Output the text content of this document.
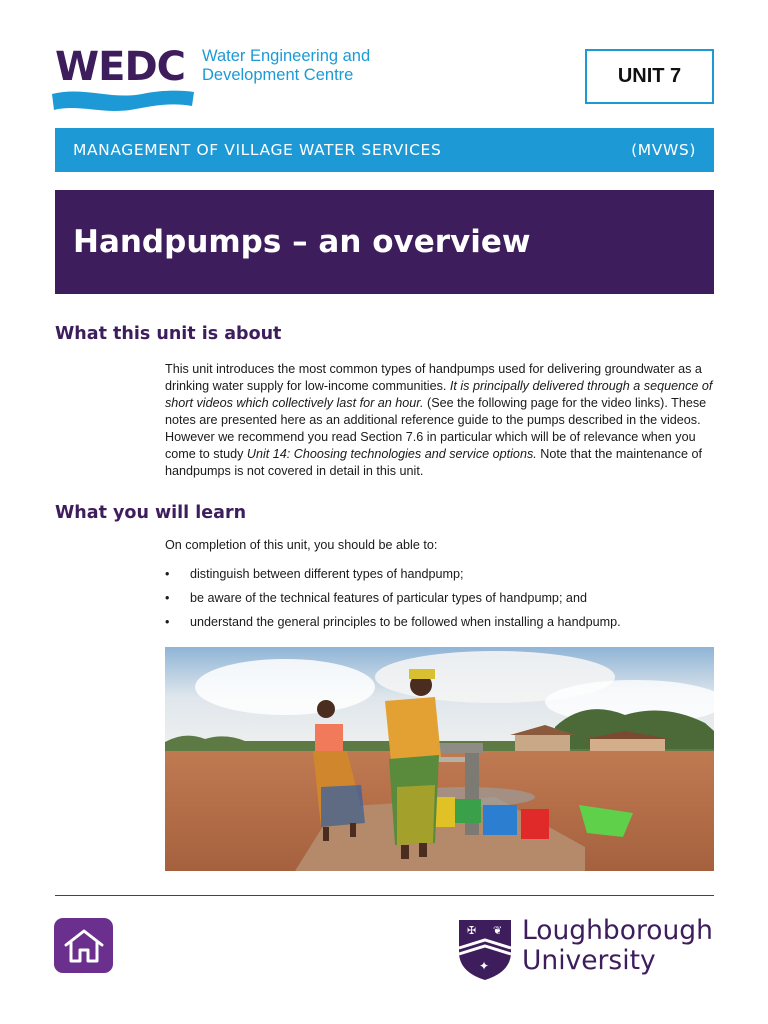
WEDC Water Engineering and
Development Centre	UNIT 7
MANAGEMENT OF VILLAGE WATER SERVICES	(MVWS)
Handpumps – an overview
What this unit is about
This unit introduces the most common types of handpumps used for delivering groundwater as a drinking water supply for low-income communities. It is principally delivered through a sequence of short videos which collectively last for an hour. (See the following page for the video links). These notes are presented here as an additional reference guide to the pumps described in the videos. However we recommend you read Section 7.6 in particular which will be of relevance when you come to study Unit 14: Choosing technologies and service options. Note that the maintenance of handpumps is not covered in detail in this unit.
What you will learn
On completion of this unit, you should be able to:
•	distinguish between different types of handpump;
•	be aware of the technical features of particular types of handpump; and
•	understand the general principles to be followed when installing a handpump.
✠ ❦
✦
Loughborough
University
